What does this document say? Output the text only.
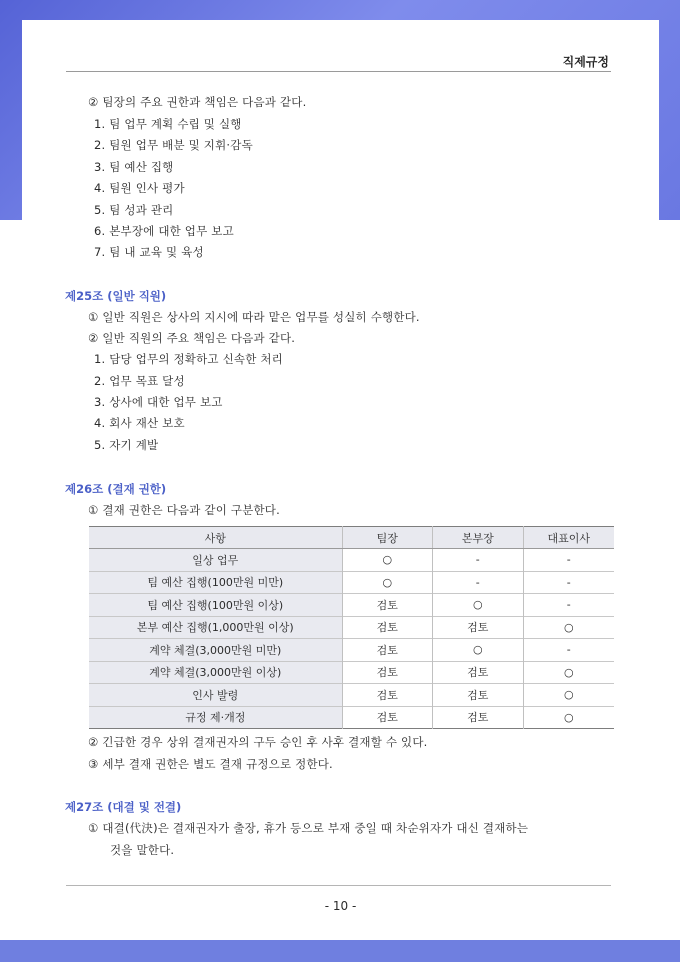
직제규정
② 팀장의 주요 권한과 책임은 다음과 같다.
1. 팀 업무 계획 수립 및 실행
2. 팀원 업무 배분 및 지휘·감독
3. 팀 예산 집행
4. 팀원 인사 평가
5. 팀 성과 관리
6. 본부장에 대한 업무 보고
7. 팀 내 교육 및 육성
제25조 (일반 직원)
① 일반 직원은 상사의 지시에 따라 맡은 업무를 성실히 수행한다.
② 일반 직원의 주요 책임은 다음과 같다.
1. 담당 업무의 정확하고 신속한 처리
2. 업무 목표 달성
3. 상사에 대한 업무 보고
4. 회사 재산 보호
5. 자기 계발
제26조 (결재 권한)
① 결재 권한은 다음과 같이 구분한다.
사항	팀장	본부장	대표이사
일상 업무	○	-	-
팀 예산 집행(100만원 미만)	○	-	-
팀 예산 집행(100만원 이상)	검토	○	-
본부 예산 집행(1,000만원 이상)	검토	검토	○
계약 체결(3,000만원 미만)	검토	○	-
계약 체결(3,000만원 이상)	검토	검토	○
인사 발령	검토	검토	○
규정 제·개정	검토	검토	○
② 긴급한 경우 상위 결재권자의 구두 승인 후 사후 결재할 수 있다.
③ 세부 결재 권한은 별도 결재 규정으로 정한다.
제27조 (대결 및 전결)
① 대결(代決)은 결재권자가 출장, 휴가 등으로 부재 중일 때 차순위자가 대신 결재하는
것을 말한다.
- 10 -
